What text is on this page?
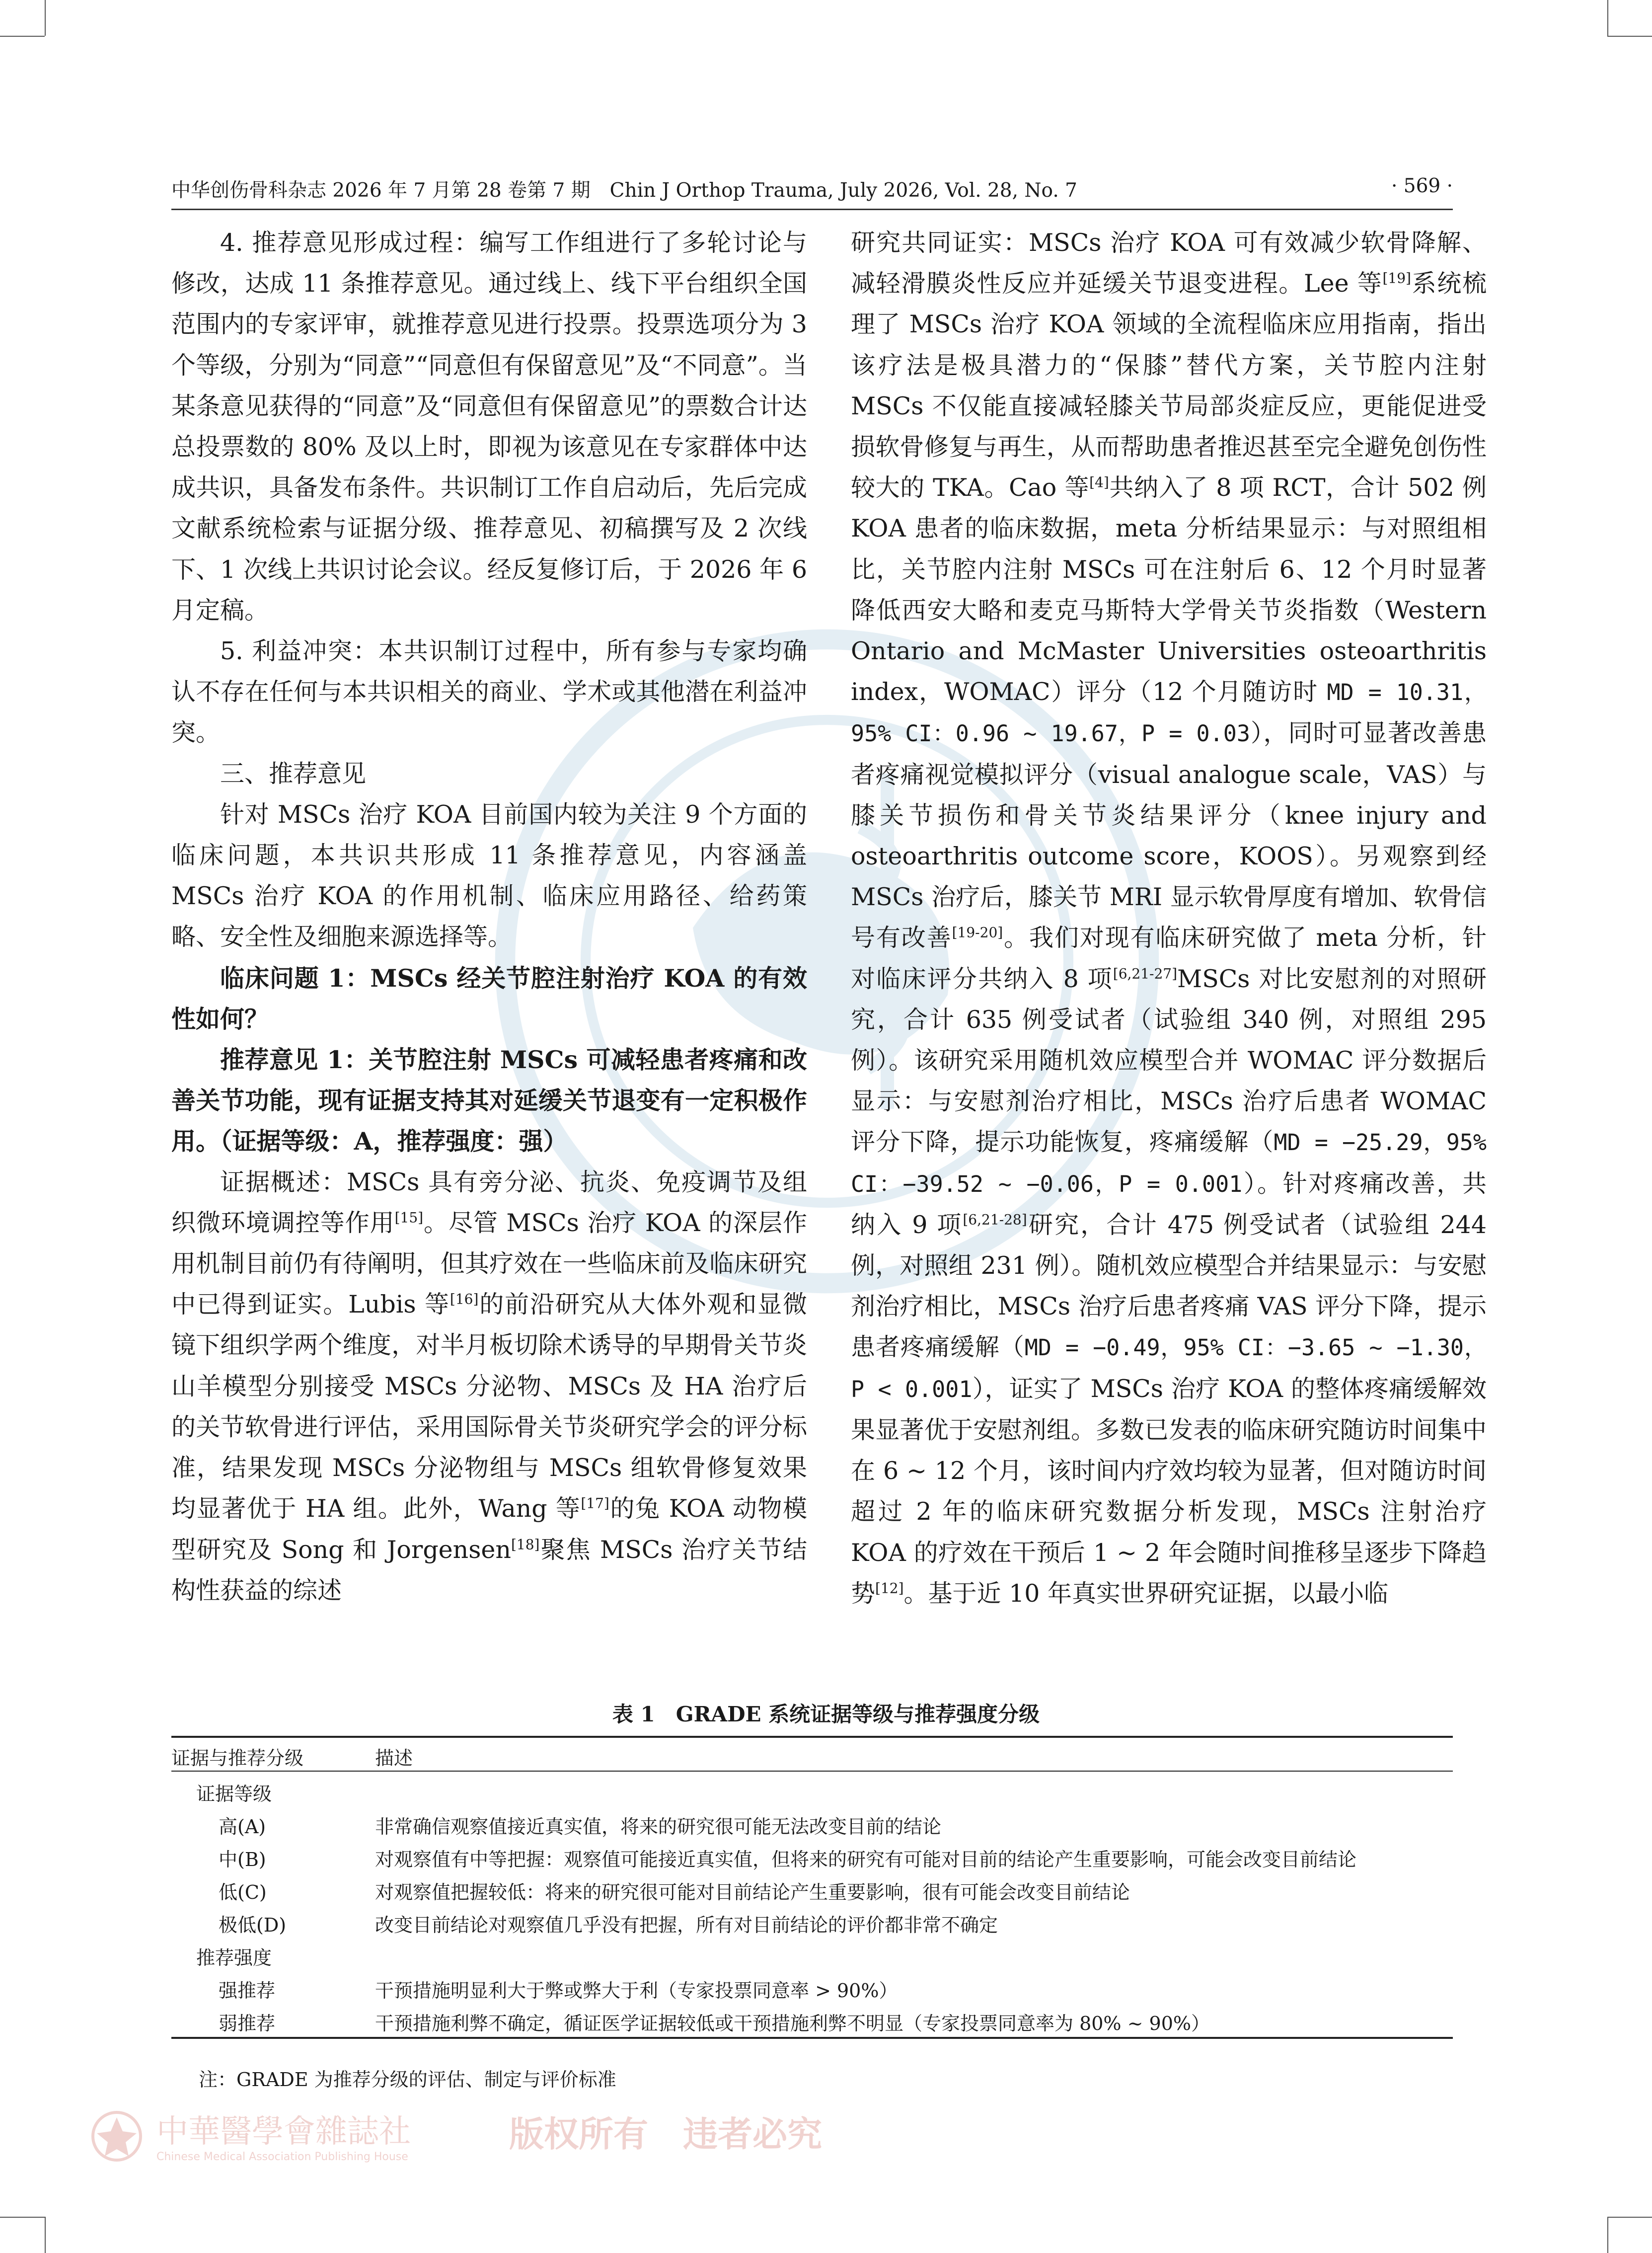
中华创伤骨科杂志 2026 年 7 月第 28 卷第 7 期　Chin J Orthop Trauma, July 2026, Vol. 28, No. 7	· 569 ·

4. 推荐意见形成过程：编写工作组进行了多轮讨论与修改，达成 11 条推荐意见。通过线上、线下平台组织全国范围内的专家评审，就推荐意见进行投票。投票选项分为 3 个等级，分别为“同意”“同意但有保留意见”及“不同意”。当某条意见获得的“同意”及“同意但有保留意见”的票数合计达总投票数的 80% 及以上时，即视为该意见在专家群体中达成共识，具备发布条件。共识制订工作自启动后，先后完成文献系统检索与证据分级、推荐意见、初稿撰写及 2 次线下、1 次线上共识讨论会议。经反复修订后，于 2026 年 6 月定稿。

5. 利益冲突：本共识制订过程中，所有参与专家均确认不存在任何与本共识相关的商业、学术或其他潜在利益冲突。

三、推荐意见

针对 MSCs 治疗 KOA 目前国内较为关注 9 个方面的临床问题，本共识共形成 11 条推荐意见，内容涵盖 MSCs 治疗 KOA 的作用机制、临床应用路径、给药策略、安全性及细胞来源选择等。

临床问题 1：MSCs 经关节腔注射治疗 KOA 的有效性如何？

推荐意见 1：关节腔注射 MSCs 可减轻患者疼痛和改善关节功能，现有证据支持其对延缓关节退变有一定积极作用。（证据等级：A，推荐强度：强）

证据概述：MSCs 具有旁分泌、抗炎、免疫调节及组织微环境调控等作用[15]。尽管 MSCs 治疗 KOA 的深层作用机制目前仍有待阐明，但其疗效在一些临床前及临床研究中已得到证实。Lubis 等[16]的前沿研究从大体外观和显微镜下组织学两个维度，对半月板切除术诱导的早期骨关节炎山羊模型分别接受 MSCs 分泌物、MSCs 及 HA 治疗后的关节软骨进行评估，采用国际骨关节炎研究学会的评分标准，结果发现 MSCs 分泌物组与 MSCs 组软骨修复效果均显著优于 HA 组。此外，Wang 等[17]的兔 KOA 动物模型研究及 Song 和 Jorgensen[18]聚焦 MSCs 治疗关节结构性获益的综述

研究共同证实：MSCs 治疗 KOA 可有效减少软骨降解、减轻滑膜炎性反应并延缓关节退变进程。Lee 等[19]系统梳理了 MSCs 治疗 KOA 领域的全流程临床应用指南，指出该疗法是极具潜力的“保膝”替代方案，关节腔内注射 MSCs 不仅能直接减轻膝关节局部炎症反应，更能促进受损软骨修复与再生，从而帮助患者推迟甚至完全避免创伤性较大的 TKA。Cao 等[4]共纳入了 8 项 RCT，合计 502 例 KOA 患者的临床数据，meta 分析结果显示：与对照组相比，关节腔内注射 MSCs 可在注射后 6、12 个月时显著降低西安大略和麦克马斯特大学骨关节炎指数（Western Ontario and McMaster Universities osteoarthritis index，WOMAC）评分（12 个月随访时 MD = 10.31， 95% CI：0.96 ~ 19.67，P = 0.03），同时可显著改善患者疼痛视觉模拟评分（visual analogue scale，VAS）与膝关节损伤和骨关节炎结果评分（knee injury and osteoarthritis outcome score，KOOS）。另观察到经 MSCs 治疗后，膝关节 MRI 显示软骨厚度有增加、软骨信号有改善[19-20]。我们对现有临床研究做了 meta 分析，针对临床评分共纳入 8 项[6,21-27]MSCs 对比安慰剂的对照研究，合计 635 例受试者（试验组 340 例，对照组 295 例）。该研究采用随机效应模型合并 WOMAC 评分数据后显示：与安慰剂治疗相比，MSCs 治疗后患者 WOMAC 评分下降，提示功能恢复，疼痛缓解（MD = −25.29，95% CI：−39.52 ~ −0.06，P = 0.001）。针对疼痛改善，共纳入 9 项[6,21-28]研究，合计 475 例受试者（试验组 244 例，对照组 231 例）。随机效应模型合并结果显示：与安慰剂治疗相比，MSCs 治疗后患者疼痛 VAS 评分下降，提示患者疼痛缓解（MD = −0.49，95% CI：−3.65 ~ −1.30，P < 0.001），证实了 MSCs 治疗 KOA 的整体疼痛缓解效果显著优于安慰剂组。多数已发表的临床研究随访时间集中在 6 ~ 12 个月，该时间内疗效均较为显著，但对随访时间超过 2 年的临床研究数据分析发现，MSCs 注射治疗 KOA 的疗效在干预后 1 ~ 2 年会随时间推移呈逐步下降趋势[12]。基于近 10 年真实世界研究证据，以最小临

表 1　GRADE 系统证据等级与推荐强度分级
证据与推荐分级	描述
证据等级
高(A)	非常确信观察值接近真实值，将来的研究很可能无法改变目前的结论
中(B)	对观察值有中等把握：观察值可能接近真实值，但将来的研究有可能对目前的结论产生重要影响，可能会改变目前结论
低(C)	对观察值把握较低：将来的研究很可能对目前结论产生重要影响，很有可能会改变目前结论
极低(D)	改变目前结论对观察值几乎没有把握，所有对目前结论的评价都非常不确定
推荐强度
强推荐	干预措施明显利大于弊或弊大于利（专家投票同意率 > 90%）
弱推荐	干预措施利弊不确定，循证医学证据较低或干预措施利弊不明显（专家投票同意率为 80% ~ 90%）
注：GRADE 为推荐分级的评估、制定与评价标准
中華醫學會雜誌社
Chinese Medical Association Publishing House
版权所有　违者必究
